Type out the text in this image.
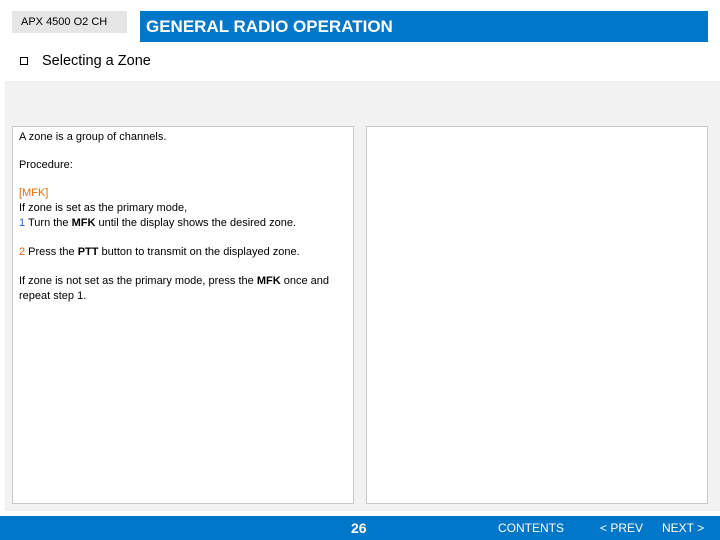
APX 4500 O2 CH	GENERAL RADIO OPERATION
Selecting a Zone

A zone is a group of channels.

Procedure:

[MFK]

If zone is set as the primary mode,

1 Turn the MFK until the display shows the desired zone.

2 Press the PTT button to transmit on the displayed zone.

If zone is not set as the primary mode, press the MFK once and repeat step 1.

26	CONTENTS	< PREV NEXT >
